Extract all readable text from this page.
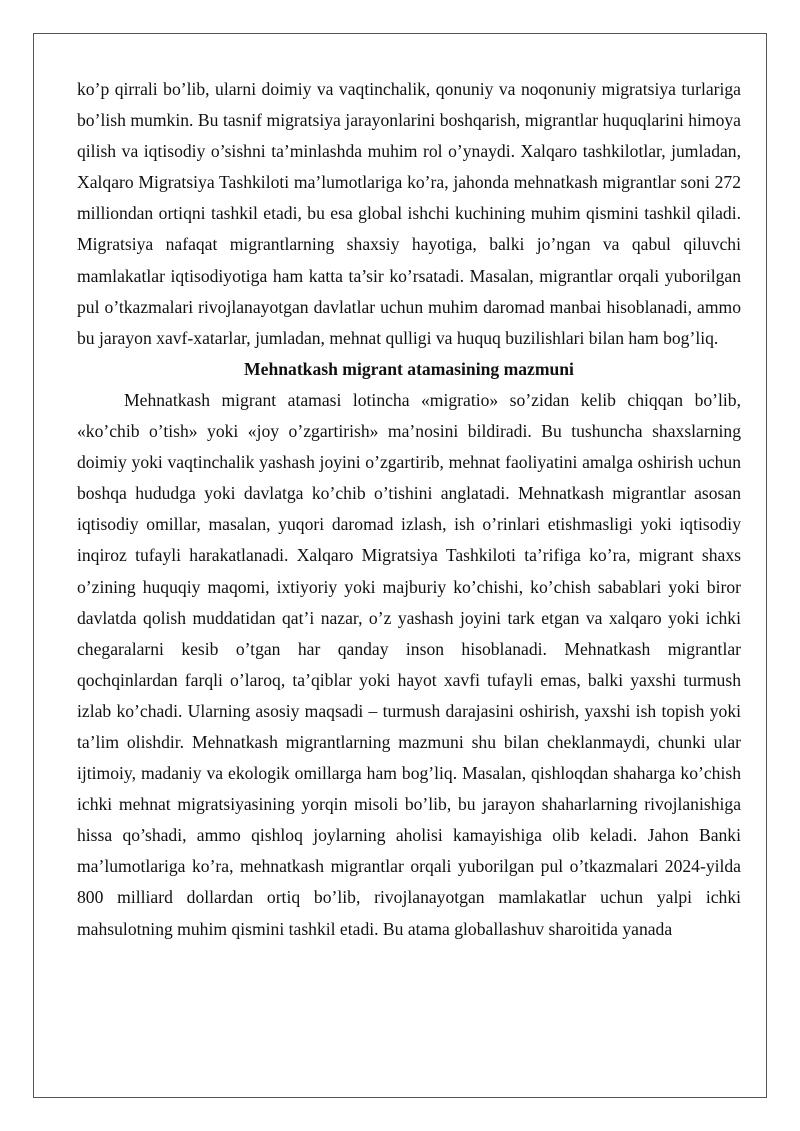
ko’p qirrali bo’lib, ularni doimiy va vaqtinchalik, qonuniy va noqonuniy migratsiya turlariga bo’lish mumkin. Bu tasnif migratsiya jarayonlarini boshqarish, migrantlar huquqlarini himoya qilish va iqtisodiy o’sishni ta’minlashda muhim rol o’ynaydi. Xalqaro tashkilotlar, jumladan, Xalqaro Migratsiya Tashkiloti ma’lumotlariga ko’ra, jahonda mehnatkash migrantlar soni 272 milliondan ortiqni tashkil etadi, bu esa global ishchi kuchining muhim qismini tashkil qiladi. Migratsiya nafaqat migrantlarning shaxsiy hayotiga, balki jo’ngan va qabul qiluvchi mamlakatlar iqtisodiyotiga ham katta ta’sir ko’rsatadi. Masalan, migrantlar orqali yuborilgan pul o’tkazmalari rivojlanayotgan davlatlar uchun muhim daromad manbai hisoblanadi, ammo bu jarayon xavf-xatarlar, jumladan, mehnat qulligi va huquq buzilishlari bilan ham bog’liq.

Mehnatkash migrant atamasining mazmuni

Mehnatkash migrant atamasi lotincha «migratio» so’zidan kelib chiqqan bo’lib, «ko’chib o’tish» yoki «joy o’zgartirish» ma’nosini bildiradi. Bu tushuncha shaxslarning doimiy yoki vaqtinchalik yashash joyini o’zgartirib, mehnat faoliyatini amalga oshirish uchun boshqa hududga yoki davlatga ko’chib o’tishini anglatadi. Mehnatkash migrantlar asosan iqtisodiy omillar, masalan, yuqori daromad izlash, ish o’rinlari etishmasligi yoki iqtisodiy inqiroz tufayli harakatlanadi. Xalqaro Migratsiya Tashkiloti ta’rifiga ko’ra, migrant shaxs o’zining huquqiy maqomi, ixtiyoriy yoki majburiy ko’chishi, ko’chish sabablari yoki biror davlatda qolish muddatidan qat’i nazar, o’z yashash joyini tark etgan va xalqaro yoki ichki chegaralarni kesib o’tgan har qanday inson hisoblanadi. Mehnatkash migrantlar qochqinlardan farqli o’laroq, ta’qiblar yoki hayot xavfi tufayli emas, balki yaxshi turmush izlab ko’chadi. Ularning asosiy maqsadi – turmush darajasini oshirish, yaxshi ish topish yoki ta’lim olishdir. Mehnatkash migrantlarning mazmuni shu bilan cheklanmaydi, chunki ular ijtimoiy, madaniy va ekologik omillarga ham bog’liq. Masalan, qishloqdan shaharga ko’chish ichki mehnat migratsiyasining yorqin misoli bo’lib, bu jarayon shaharlarning rivojlanishiga hissa qo’shadi, ammo qishloq joylarning aholisi kamayishiga olib keladi. Jahon Banki ma’lumotlariga ko’ra, mehnatkash migrantlar orqali yuborilgan pul o’tkazmalari 2024-yilda 800 milliard dollardan ortiq bo’lib, rivojlanayotgan mamlakatlar uchun yalpi ichki mahsulotning muhim qismini tashkil etadi. Bu atama globallashuv sharoitida yanada
